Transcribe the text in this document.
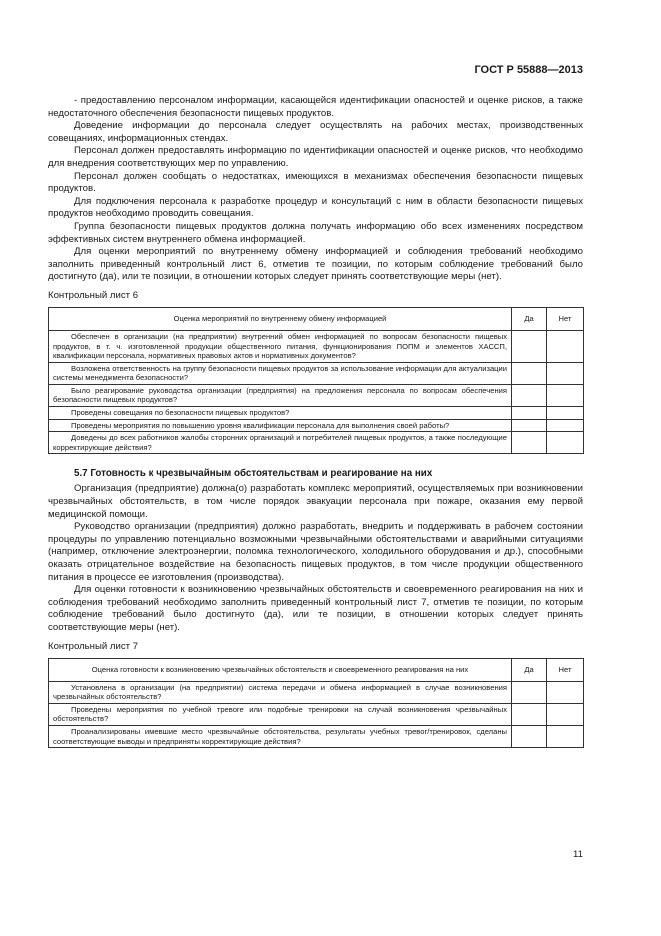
ГОСТ Р 55888—2013

- предоставлению персоналом информации, касающейся идентификации опасностей и оценке рисков, а также недостаточного обеспечения безопасности пищевых продуктов.

Доведение информации до персонала следует осуществлять на рабочих местах, производственных совещаниях, информационных стендах.

Персонал должен предоставлять информацию по идентификации опасностей и оценке рисков, что необходимо для внедрения соответствующих мер по управлению.

Персонал должен сообщать о недостатках, имеющихся в механизмах обеспечения безопасности пищевых продуктов.

Для подключения персонала к разработке процедур и консультаций с ним в области безопасности пищевых продуктов необходимо проводить совещания.

Группа безопасности пищевых продуктов должна получать информацию обо всех изменениях посредством эффективных систем внутреннего обмена информацией.

Для оценки мероприятий по внутреннему обмену информацией и соблюдения требований необходимо заполнить приведенный контрольный лист 6, отметив те позиции, по которым соблюдение требований было достигнуто (да), или те позиции, в отношении которых следует принять соответствующие меры (нет).

Контрольный лист 6
Оценка мероприятий по внутреннему обмену информацией	Да	Нет
Обеспечен в организации (на предприятии) внутренний обмен информацией по вопросам безопасности пищевых продуктов, в т. ч. изготовленной продукции общественного питания, функционирования ПОПМ и элементов ХАССП, квалификации персонала, нормативных правовых актов и нормативных документов?		
Возложена ответственность на группу безопасности пищевых продуктов за использование информации для актуализации системы менеджмента безопасности?		
Было реагирование руководства организации (предприятия) на предложения персонала по вопросам обеспечения безопасности пищевых продуктов?		
Проведены совещания по безопасности пищевых продуктов?		
Проведены мероприятия по повышению уровня квалификации персонала для выполнения своей работы?		
Доведены до всех работников жалобы сторонних организаций и потребителей пищевых продуктов, а также последующие корректирующие действия?		
5.7 Готовность к чрезвычайным обстоятельствам и реагирование на них

Организация (предприятие) должна(о) разработать комплекс мероприятий, осуществляемых при возникновении чрезвычайных обстоятельств, в том числе порядок эвакуации персонала при пожаре, оказания ему первой медицинской помощи.

Руководство организации (предприятия) должно разработать, внедрить и поддерживать в рабочем состоянии процедуры по управлению потенциально возможными чрезвычайными обстоятельствами и аварийными ситуациями (например, отключение электроэнергии, поломка технологического, холодильного оборудования и др.), способными оказать отрицательное воздействие на безопасность пищевых продуктов, в том числе продукции общественного питания в процессе ее изготовления (производства).

Для оценки готовности к возникновению чрезвычайных обстоятельств и своевременного реагирования на них и соблюдения требований необходимо заполнить приведенный контрольный лист 7, отметив те позиции, по которым соблюдение требований было достигнуто (да), или те позиции, в отношении которых следует принять соответствующие меры (нет).

Контрольный лист 7
Оценка готовности к возникновению чрезвычайных обстоятельств и своевременного реагирования на них	Да	Нет
Установлена в организации (на предприятии) система передачи и обмена информацией в случае возникновения чрезвычайных обстоятельств?		
Проведены мероприятия по учебной тревоге или подобные тренировки на случай возникновения чрезвычайных обстоятельств?		
Проанализированы имевшие место чрезвычайные обстоятельства, результаты учебных тревог/тренировок, сделаны соответствующие выводы и предприняты корректирующие действия?		
11
